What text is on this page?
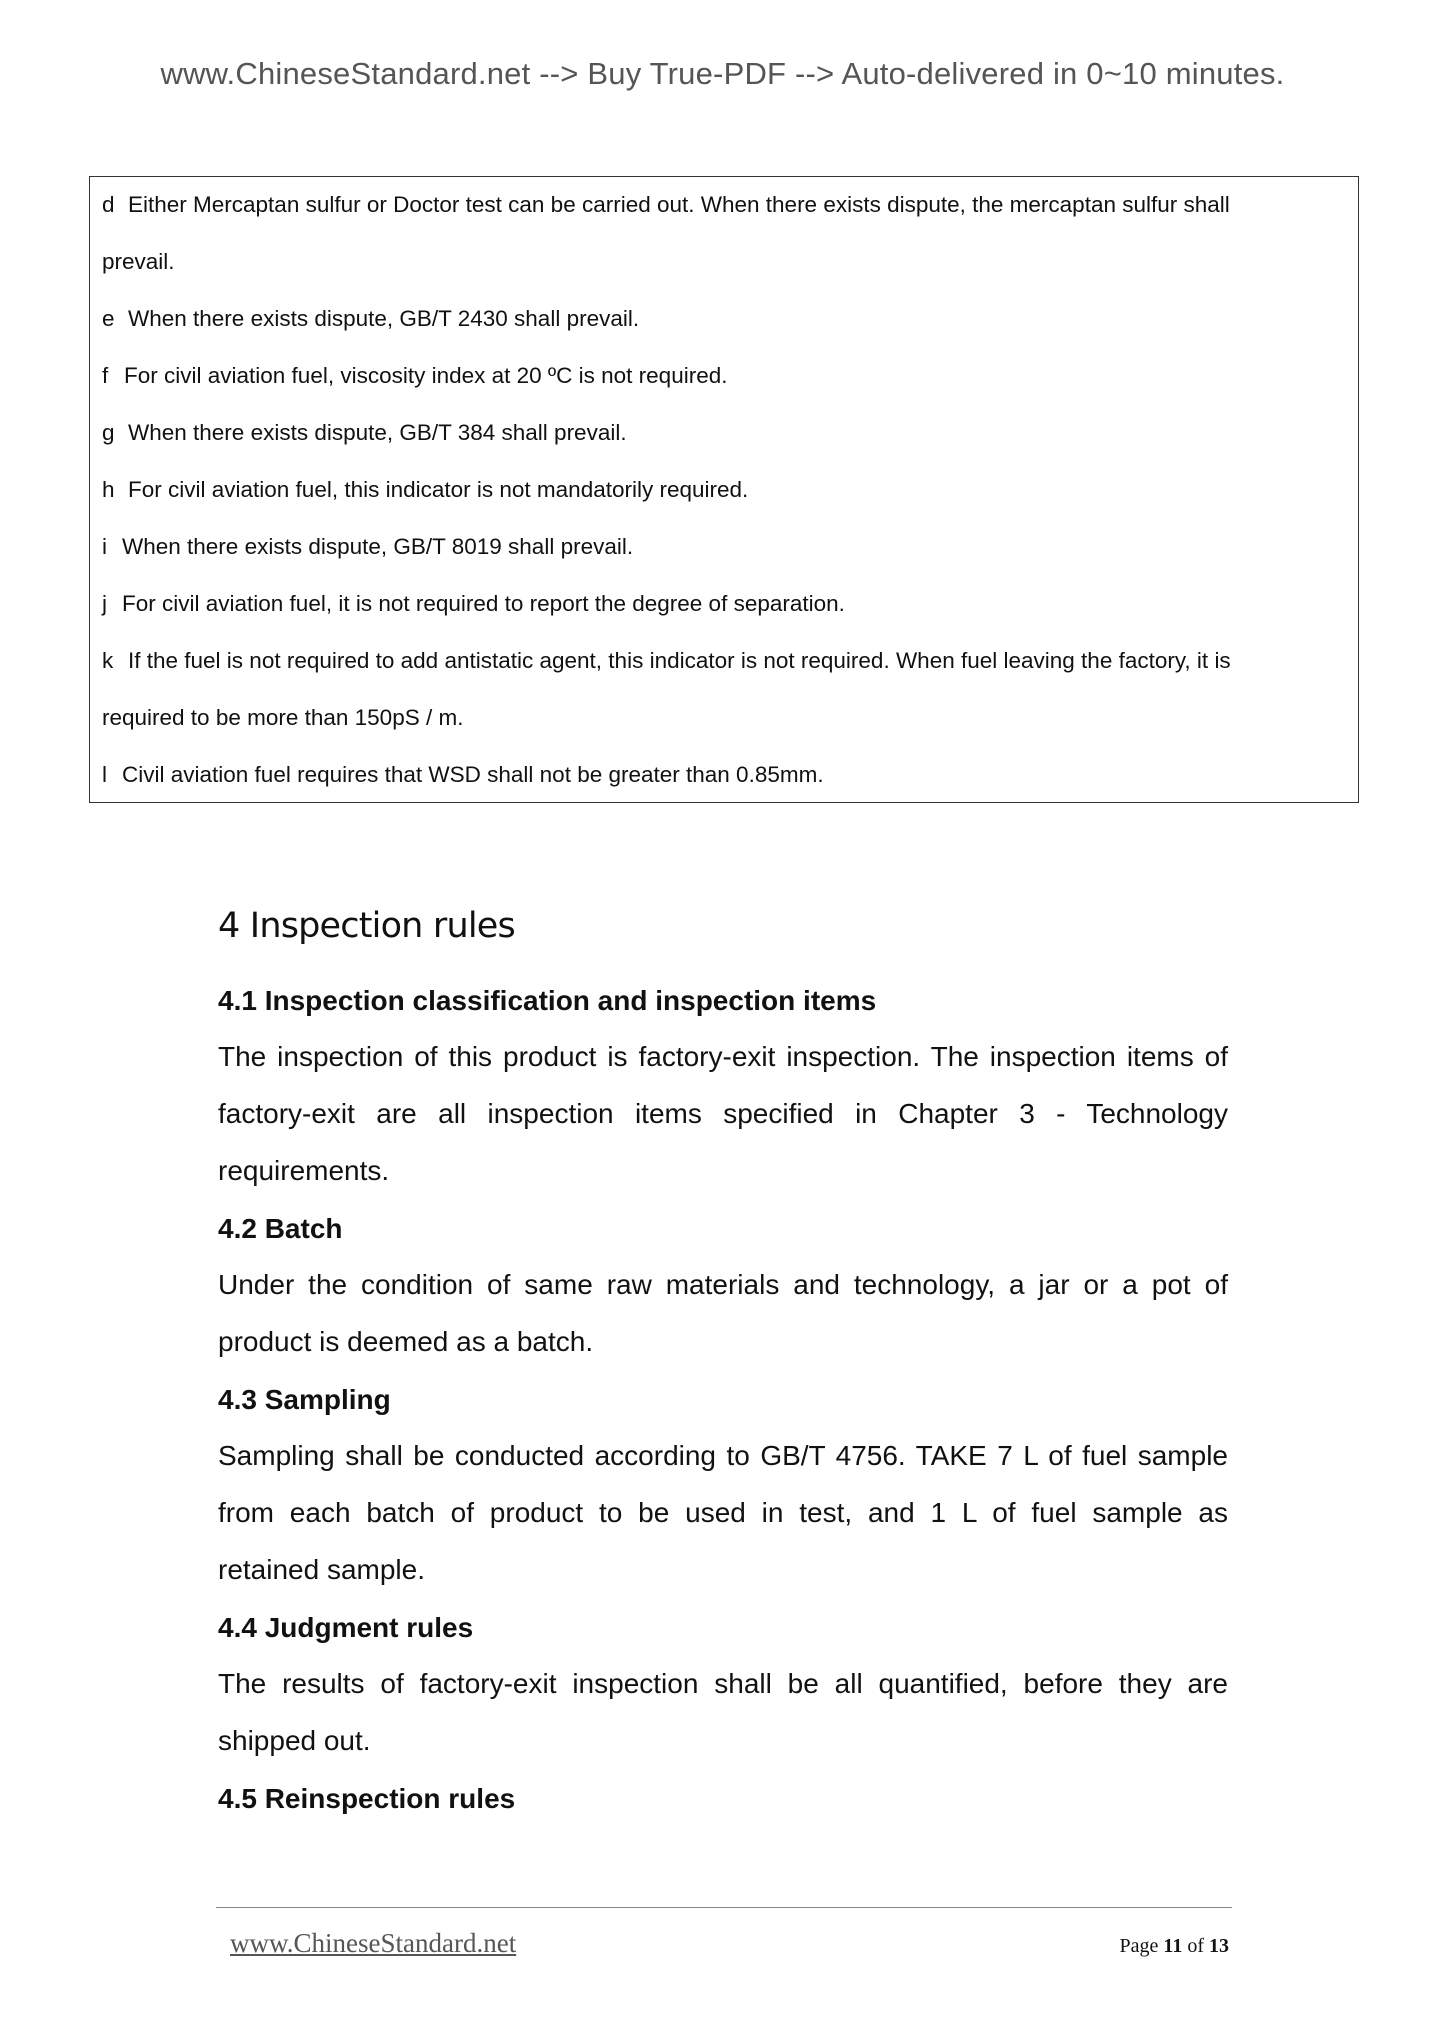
www.ChineseStandard.net --> Buy True-PDF --> Auto-delivered in 0~10 minutes.
d Either Mercaptan sulfur or Doctor test can be carried out. When there exists dispute, the mercaptan sulfur shall
prevail.
e When there exists dispute, GB/T 2430 shall prevail.
f For civil aviation fuel, viscosity index at 20 ºC is not required.
g When there exists dispute, GB/T 384 shall prevail.
h For civil aviation fuel, this indicator is not mandatorily required.
i When there exists dispute, GB/T 8019 shall prevail.
j For civil aviation fuel, it is not required to report the degree of separation.
k If the fuel is not required to add antistatic agent, this indicator is not required. When fuel leaving the factory, it is
required to be more than 150pS / m.
l Civil aviation fuel requires that WSD shall not be greater than 0.85mm.
4 Inspection rules
4.1 Inspection classification and inspection items
The inspection of this product is factory-exit inspection. The inspection items of
factory-exit are all inspection items specified in Chapter 3 - Technology
requirements.
4.2 Batch
Under the condition of same raw materials and technology, a jar or a pot of
product is deemed as a batch.
4.3 Sampling
Sampling shall be conducted according to GB/T 4756. TAKE 7 L of fuel sample
from each batch of product to be used in test, and 1 L of fuel sample as
retained sample.
4.4 Judgment rules
The results of factory-exit inspection shall be all quantified, before they are
shipped out.
4.5 Reinspection rules
www.ChineseStandard.net	Page 11 of 13
